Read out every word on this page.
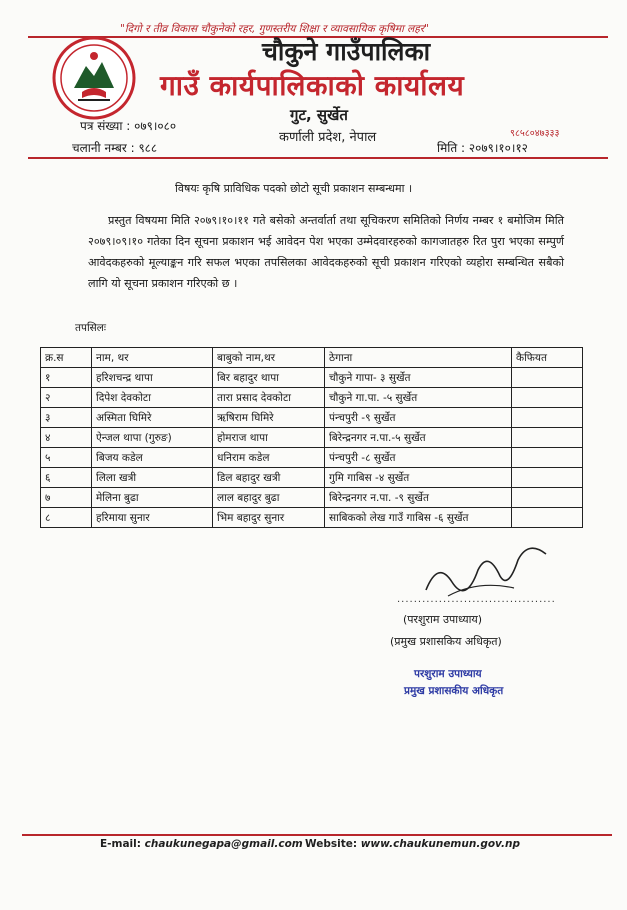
"दिगो र तीव्र विकास चौकुनेको रहर, गुणस्तरीय शिक्षा र व्यावसायिक कृषिमा लहर"
चौकुने गाउँपालिका
गाउँ कार्यपालिकाको कार्यालय
गुट, सुर्खेत
कर्णाली प्रदेश, नेपाल	९८५८०४७३३३
पत्र संख्या : ०७९।०८०
चलानी नम्बर : ९८८	मिति : २०७९।१०।१२
विषयः कृषि प्राविधिक पदको छोटो सूची प्रकाशन सम्बन्धमा ।
प्रस्तुत विषयमा मिति २०७९।१०।११ गते बसेको अन्तर्वार्ता तथा सूचिकरण समितिको निर्णय नम्बर १ बमोजिम मिति २०७९।०९।१० गतेका दिन सूचना प्रकाशन भई आवेदन पेश भएका उम्मेदवारहरुको कागजातहरु रित पुरा भएका सम्पुर्ण आवेदकहरुको मूल्याङ्कन गरि सफल भएका तपसिलका आवेदकहरुको सूची प्रकाशन गरिएको व्यहोरा सम्बन्धित सबैको लागि यो सूचना प्रकाशन गरिएको छ ।
तपसिलः
क्र.स	नाम, थर	बाबुको नाम,थर	ठेगाना	कैफियत
१	हरिशचन्द्र थापा	बिर बहादुर थापा	चौकुने गापा- ३ सुर्खेत	
२	दिपेश देवकोटा	तारा प्रसाद देवकोटा	चौकुने गा.पा. -५ सुर्खेत	
३	अस्मिता घिमिरे	ऋषिराम घिमिरे	पंन्चपुरी -९ सुर्खेत	
४	ऐन्जल थापा (गुरुङ)	होमराज थापा	बिरेन्द्रनगर न.पा.-५ सुर्खेत	
५	बिजय कडेल	धनिराम कडेल	पंन्चपुरी -८ सुर्खेत	
६	लिला खत्री	डिल बहादुर खत्री	गुमि गाबिस -४ सुर्खेत	
७	मेलिना बुढा	लाल बहादुर बुढा	बिरेन्द्रनगर न.पा. -९ सुर्खेत	
८	हरिमाया सुनार	भिम बहादुर सुनार	साबिकको लेख गाउँ गाबिस -६ सुर्खेत	
......................................
(परशुराम उपाध्याय)
(प्रमुख प्रशासकिय अधिकृत)
परशुराम उपाध्याय
प्रमुख प्रशासकीय अधिकृत
E-mail: chaukunegapa@gmail.com Website: www.chaukunemun.gov.np
